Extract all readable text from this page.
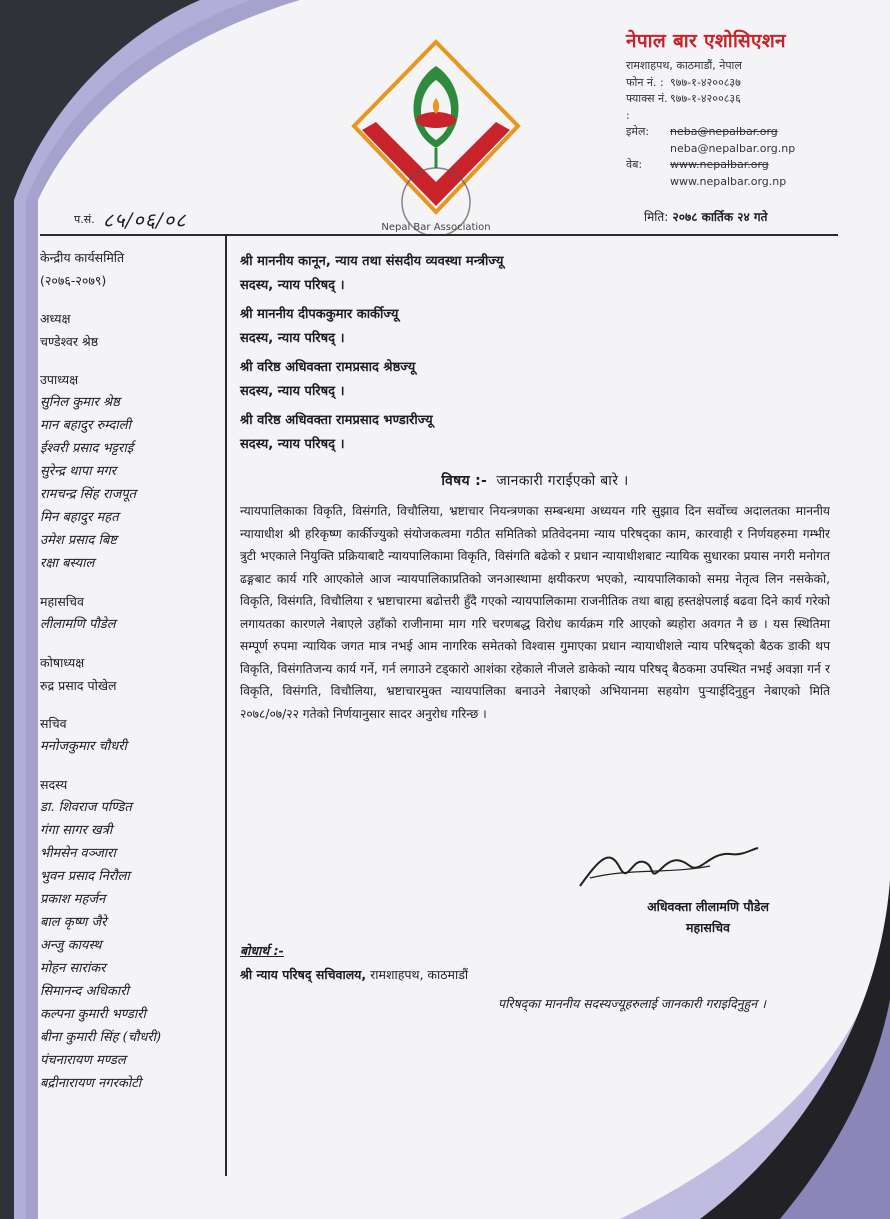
Nepal Bar Association
नेपाल बार एशोसिएशन
रामशाहपथ, काठमाडौं, नेपाल
फोन नं. : ९७७-१-४२००८३७
फ्याक्स नं. :
९७७-१-४२००८३६
इमेल:	neba@nepalbar.org
neba@nepalbar.org.np
वेब:	www.nepalbar.org
www.nepalbar.org.np
प.सं. ८५/०६/०८	मिति: २०७८ कार्तिक २४ गते
केन्द्रीय कार्यसमिति
(२०७६-२०७९)
अध्यक्ष
चण्डेश्वर श्रेष्ठ
उपाध्यक्ष
सुनिल कुमार श्रेष्ठ
मान बहादुर रुम्दाली
ईश्वरी प्रसाद भट्टराई
सुरेन्द्र थापा मगर
रामचन्द्र सिंह राजपूत
मिन बहादुर महत
उमेश प्रसाद बिष्ट
रक्षा बस्याल
महासचिव
लीलामणि पौडेल
कोषाध्यक्ष
रुद्र प्रसाद पोखेल
सचिव
मनोजकुमार चौधरी
सदस्य
डा. शिवराज पण्डित
गंगा सागर खत्री
भीमसेन वञ्जारा
भुवन प्रसाद निरौला
प्रकाश महर्जन
बाल कृष्ण जैरे
अन्जु कायस्थ
मोहन सारांकर
सिमानन्द अधिकारी
कल्पना कुमारी भण्डारी
बीना कुमारी सिंह (चौधरी)
पंचनारायण मण्डल
बद्रीनारायण नगरकोटी
श्री माननीय कानून, न्याय तथा संसदीय व्यवस्था मन्त्रीज्यू
सदस्य, न्याय परिषद् ।
श्री माननीय दीपककुमार कार्कीज्यू
सदस्य, न्याय परिषद् ।
श्री वरिष्ठ अधिवक्ता रामप्रसाद श्रेष्ठज्यू
सदस्य, न्याय परिषद् ।
श्री वरिष्ठ अधिवक्ता रामप्रसाद भण्डारीज्यू
सदस्य, न्याय परिषद् ।
विषय :- जानकारी गराईएको बारे ।
न्यायपालिकाका विकृति, विसंगति, विचौलिया, भ्रष्टाचार नियन्त्रणका सम्बन्धमा अध्ययन गरि सुझाव दिन सर्वोच्च अदालतका माननीय न्यायाधीश श्री हरिकृष्ण कार्कीज्युको संयोजकत्वमा गठीत समितिको प्रतिवेदनमा न्याय परिषद्का काम, कारवाही र निर्णयहरुमा गम्भीर त्रुटी भएकाले नियुक्ति प्रक्रियाबाटै न्यायपालिकामा विकृति, विसंगति बढेको र प्रधान न्यायाधीशबाट न्यायिक सुधारका प्रयास नगरी मनोगत ढङ्गबाट कार्य गरि आएकोले आज न्यायपालिकाप्रतिको जनआस्थामा क्षयीकरण भएको, न्यायपालिकाको समग्र नेतृत्व लिन नसकेको, विकृति, विसंगति, विचौलिया र भ्रष्टाचारमा बढोत्तरी हुँदै गएको न्यायपालिकामा राजनीतिक तथा बाह्य हस्तक्षेपलाई बढवा दिने कार्य गरेको लगायतका कारणले नेबाएले उहाँको राजीनामा माग गरि चरणबद्ध विरोध कार्यक्रम गरि आएको ब्यहोरा अवगत नै छ । यस स्थितिमा सम्पूर्ण रुपमा न्यायिक जगत मात्र नभई आम नागरिक समेतको विश्वास गुमाएका प्रधान न्यायाधीशले न्याय परिषद्को बैठक डाकी थप विकृति, विसंगतिजन्य कार्य गर्ने, गर्न लगाउने टड्कारो आशंका रहेकाले नीजले डाकेको न्याय परिषद् बैठकमा उपस्थित नभई अवज्ञा गर्न र विकृति, विसंगति, विचौलिया, भ्रष्टाचारमुक्त न्यायपालिका बनाउने नेबाएको अभियानमा सहयोग पुऱ्याईदिनुहुन नेबाएको मिति २०७८/०७/२२ गतेको निर्णयानुसार सादर अनुरोध गरिन्छ ।
अधिवक्ता लीलामणि पौडेल
महासचिव
बोधार्थ :-
श्री न्याय परिषद् सचिवालय, रामशाहपथ, काठमाडौं
परिषद्का माननीय सदस्यज्यूहरुलाई जानकारी गराइदिनुहुन ।
